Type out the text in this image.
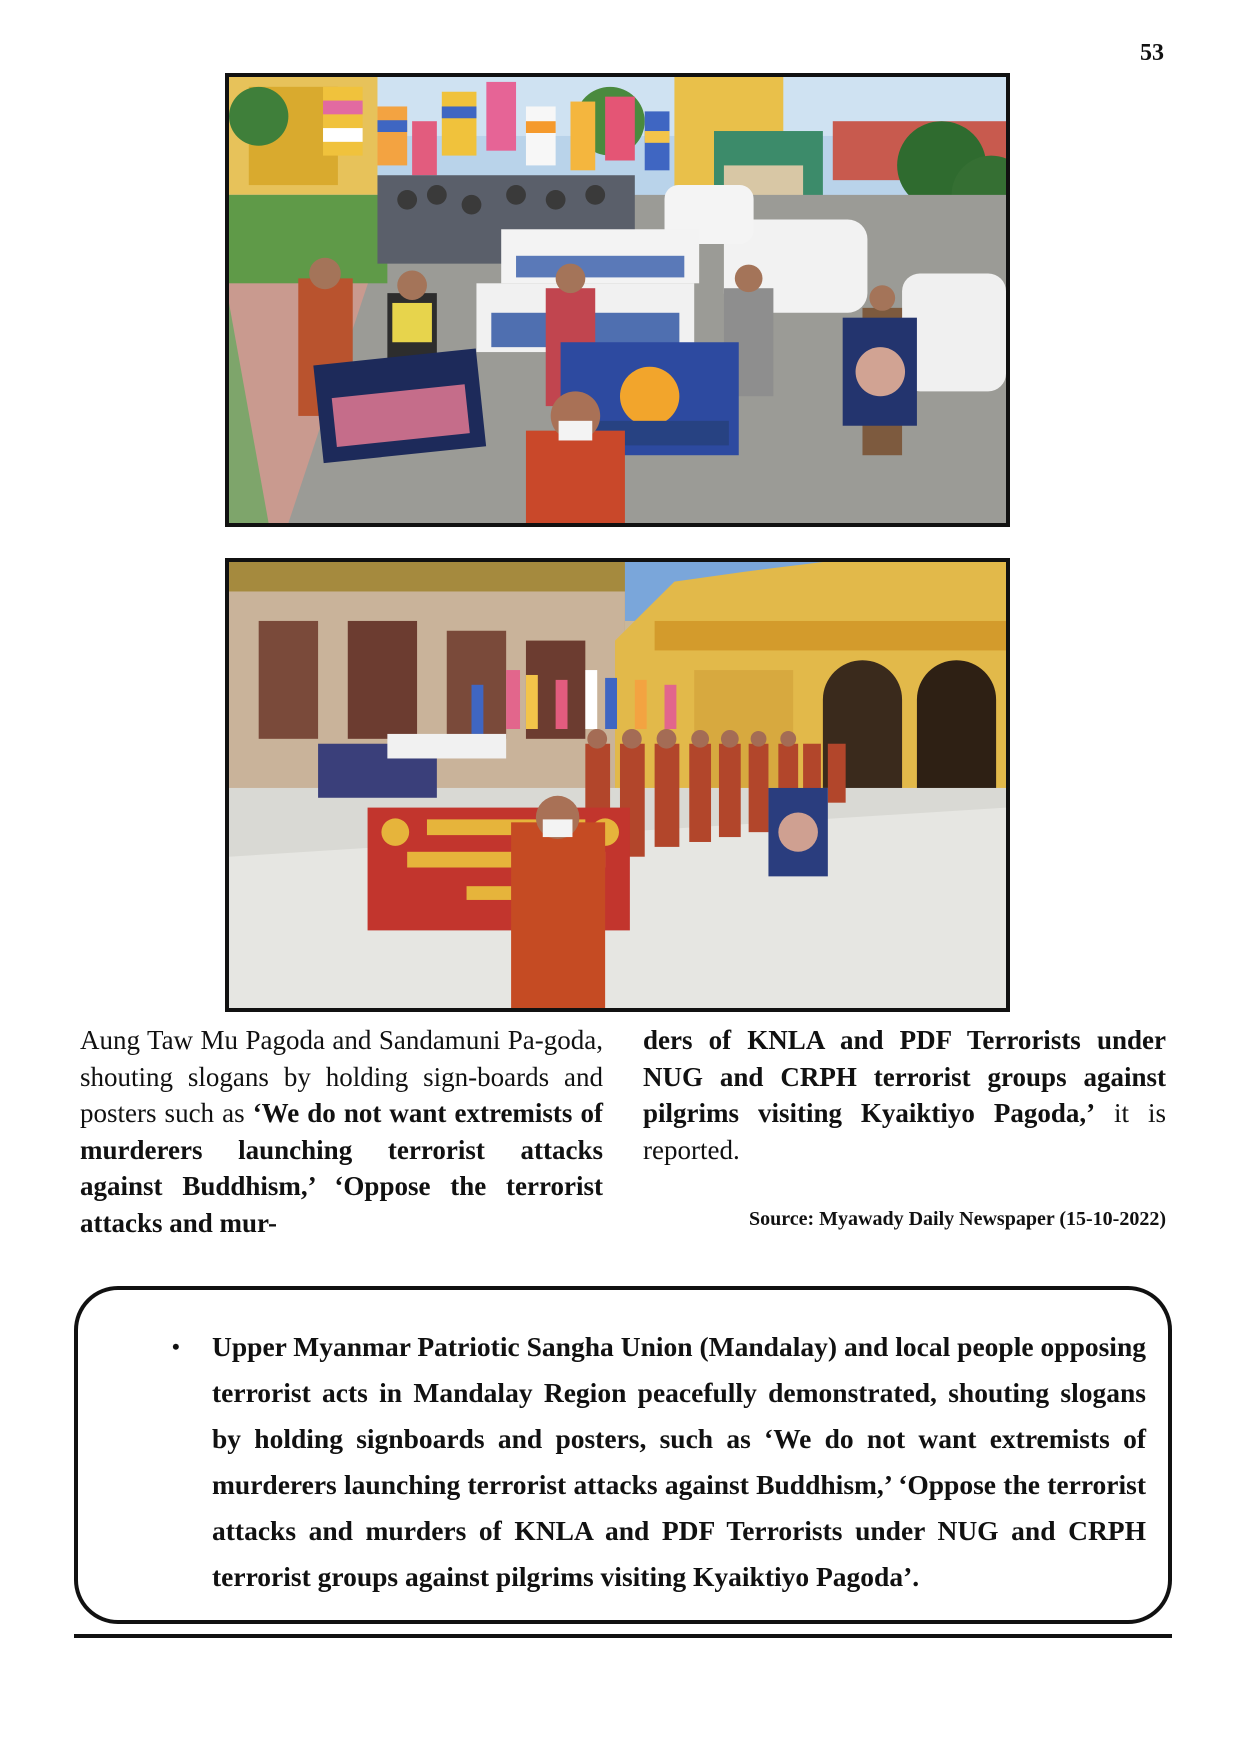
53
Aung Taw Mu Pagoda and Sandamuni Pa-goda, shouting slogans by holding sign-boards and posters such as ‘We do not want extremists of murderers launching terrorist attacks against Buddhism,’ ‘Oppose the terrorist attacks and mur-
ders of KNLA and PDF Terrorists under NUG and CRPH terrorist groups against pilgrims visiting Kyaiktiyo Pagoda,’ it is reported.
Source: Myawady Daily Newspaper (15-10-2022)
• Upper Myanmar Patriotic Sangha Union (Mandalay) and local people opposing terrorist acts in Mandalay Region peacefully demonstrated, shouting slogans by holding signboards and posters, such as ‘We do not want extremists of murderers launching terrorist attacks against Buddhism,’ ‘Oppose the terrorist attacks and murders of KNLA and PDF Terrorists under NUG and CRPH terrorist groups against pilgrims visiting Kyaiktiyo Pagoda’.
